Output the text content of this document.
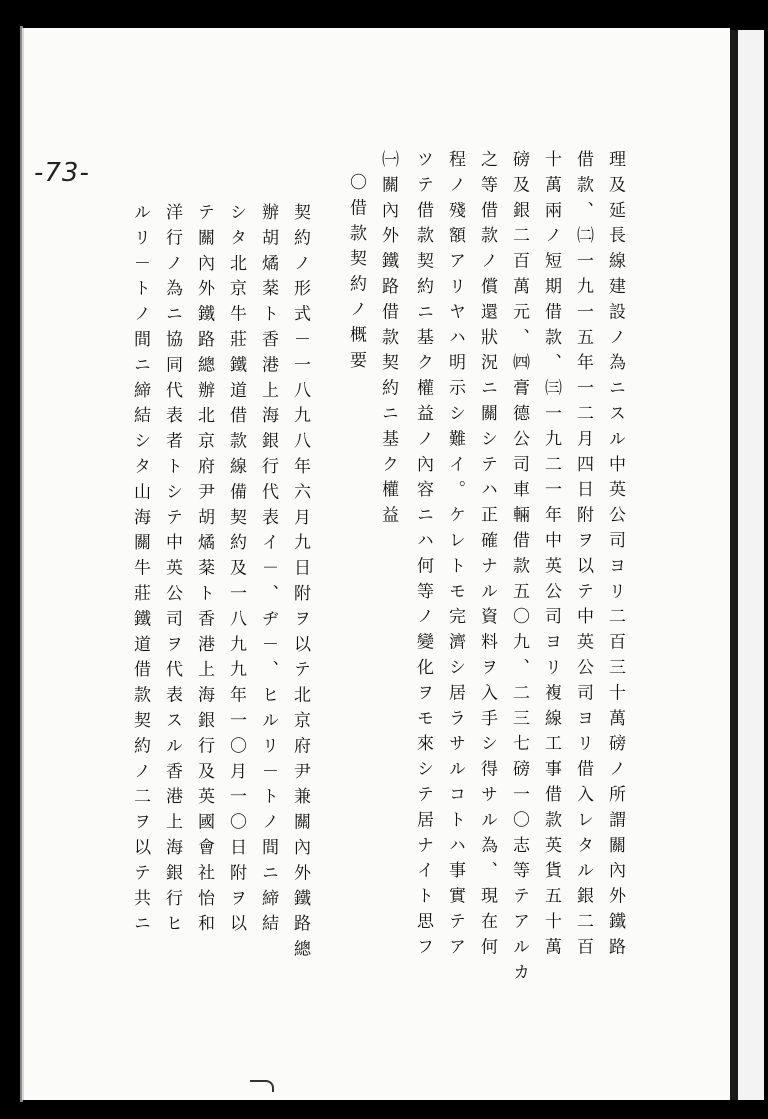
-73-	理及延長線建設ノ為ニスル中英公司ヨリ二百三十萬磅ノ所謂關內外鐵路
借款、㈡一九一五年一二月四日附ヲ以テ中英公司ヨリ借入レタル銀二百
十萬兩ノ短期借款、㈢一九二一年中英公司ヨリ複線工事借款英貨五十萬
磅及銀二百萬元、㈣膏德公司車輛借款五〇九、二三七磅一〇志等テアルカ
之等借款ノ償還狀況ニ關シテハ正確ナル資料ヲ入手シ得サル為、現在何
程ノ殘額アリヤハ明示シ難イ。ケレトモ完濟シ居ラサルコトハ事實テア
ツテ借款契約ニ基ク權益ノ內容ニハ何等ノ變化ヲモ來シテ居ナイト思フ
㈠關內外鐵路借款契約ニ基ク權益
〇借款契約ノ概要
契約ノ形式－一八九八年六月九日附ヲ以テ北京府尹兼關內外鐵路總
辦胡燏棻ト香港上海銀行代表イ－、ヂ－、ヒルリ－トノ間ニ締結
シタ北京牛莊鐵道借款線備契約及一八九九年一〇月一〇日附ヲ以
テ關內外鐵路總辦北京府尹胡燏棻ト香港上海銀行及英國會社怡和
洋行ノ為ニ協同代表者トシテ中英公司ヲ代表スル香港上海銀行ヒ
ルリ－トノ間ニ締結シタ山海關牛莊鐵道借款契約ノ二ヲ以テ共ニ
